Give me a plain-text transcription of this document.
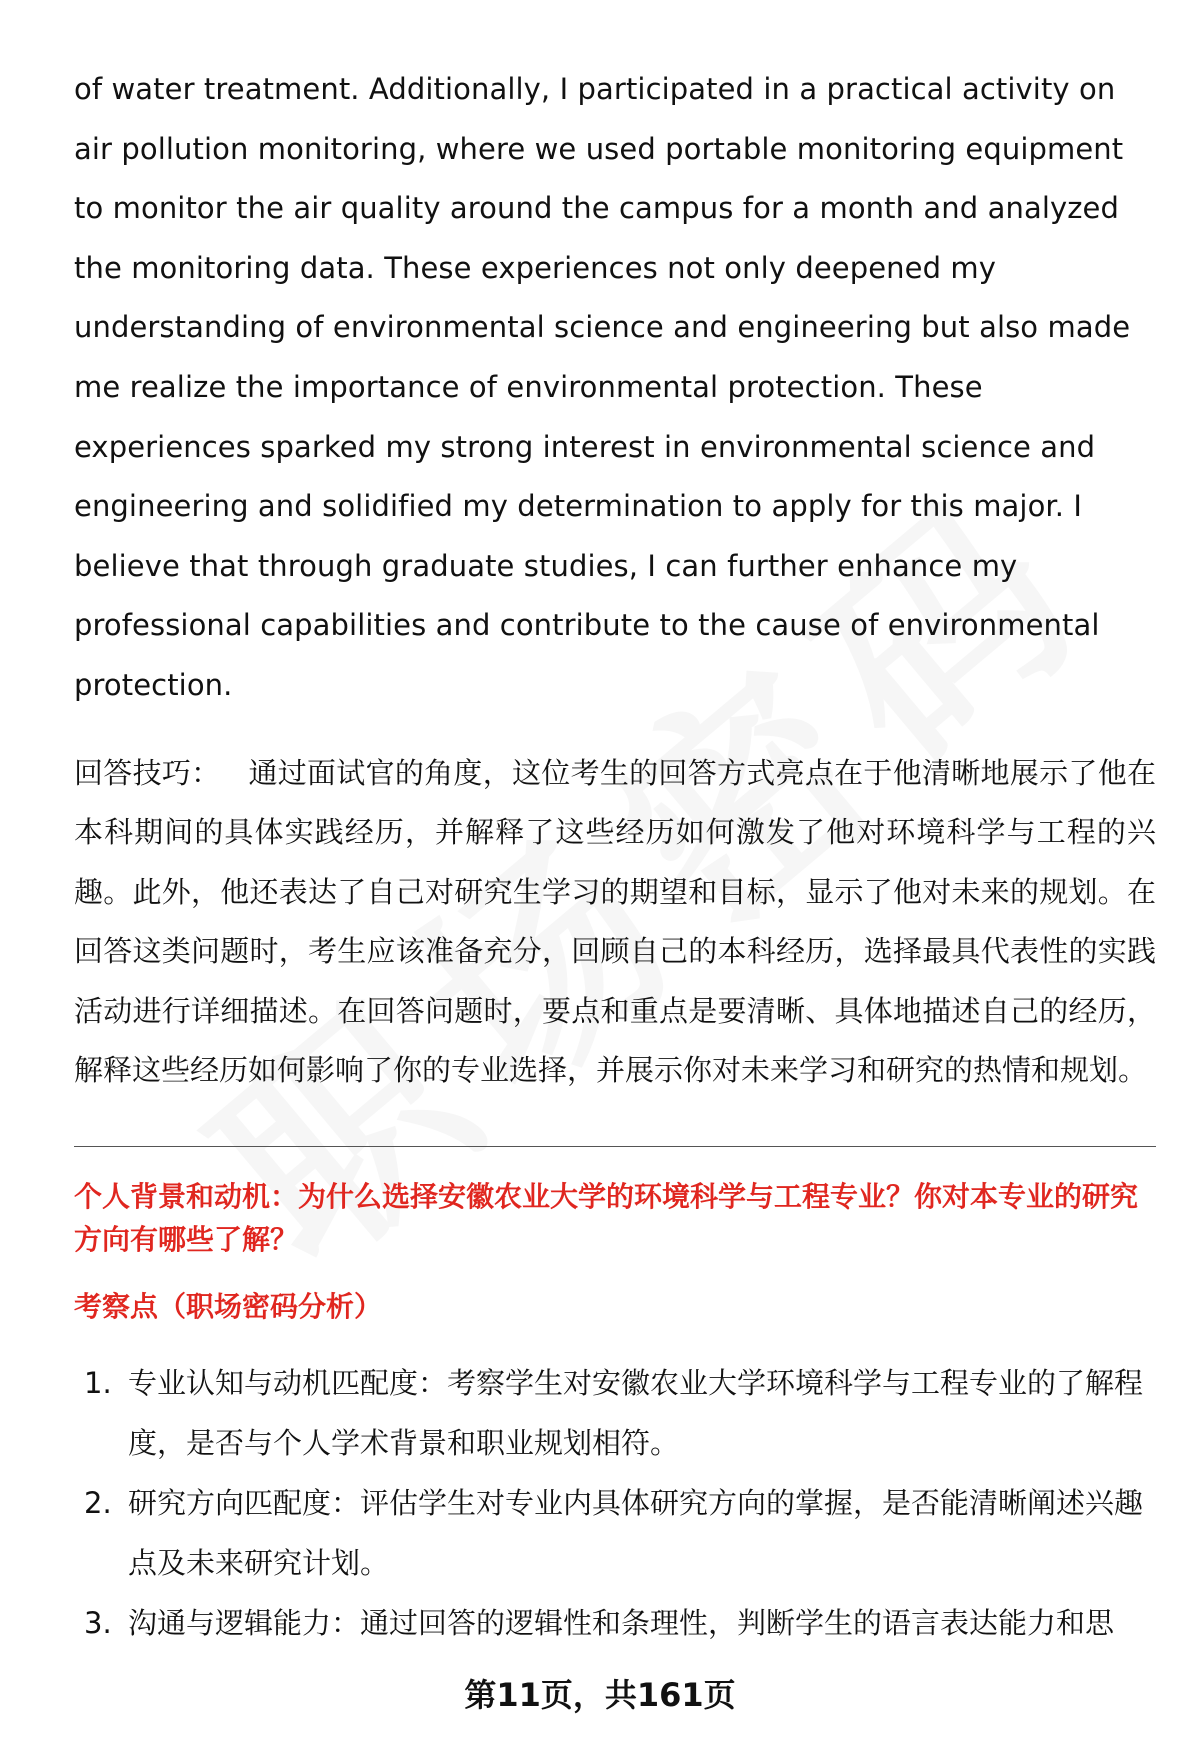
of water treatment. Additionally, I participated in a practical activity on air pollution monitoring, where we used portable monitoring equipment to monitor the air quality around the campus for a month and analyzed the monitoring data. These experiences not only deepened my understanding of environmental science and engineering but also made me realize the importance of environmental protection. These experiences sparked my strong interest in environmental science and engineering and solidified my determination to apply for this major. I believe that through graduate studies, I can further enhance my professional capabilities and contribute to the cause of environmental protection.

回答技巧： 通过面试官的角度，这位考生的回答方式亮点在于他清晰地展示了他在本科期间的具体实践经历，并解释了这些经历如何激发了他对环境科学与工程的兴趣。此外，他还表达了自己对研究生学习的期望和目标，显示了他对未来的规划。在回答这类问题时，考生应该准备充分，回顾自己的本科经历，选择最具代表性的实践活动进行详细描述。在回答问题时，要点和重点是要清晰、具体地描述自己的经历，解释这些经历如何影响了你的专业选择，并展示你对未来学习和研究的热情和规划。

个人背景和动机：为什么选择安徽农业大学的环境科学与工程专业？你对本专业的研究方向有哪些了解？

考察点（职场密码分析）

1. 专业认知与动机匹配度：考察学生对安徽农业大学环境科学与工程专业的了解程度，是否与个人学术背景和职业规划相符。
2. 研究方向匹配度：评估学生对专业内具体研究方向的掌握，是否能清晰阐述兴趣点及未来研究计划。
3. 沟通与逻辑能力：通过回答的逻辑性和条理性，判断学生的语言表达能力和思
第11页，共161页
